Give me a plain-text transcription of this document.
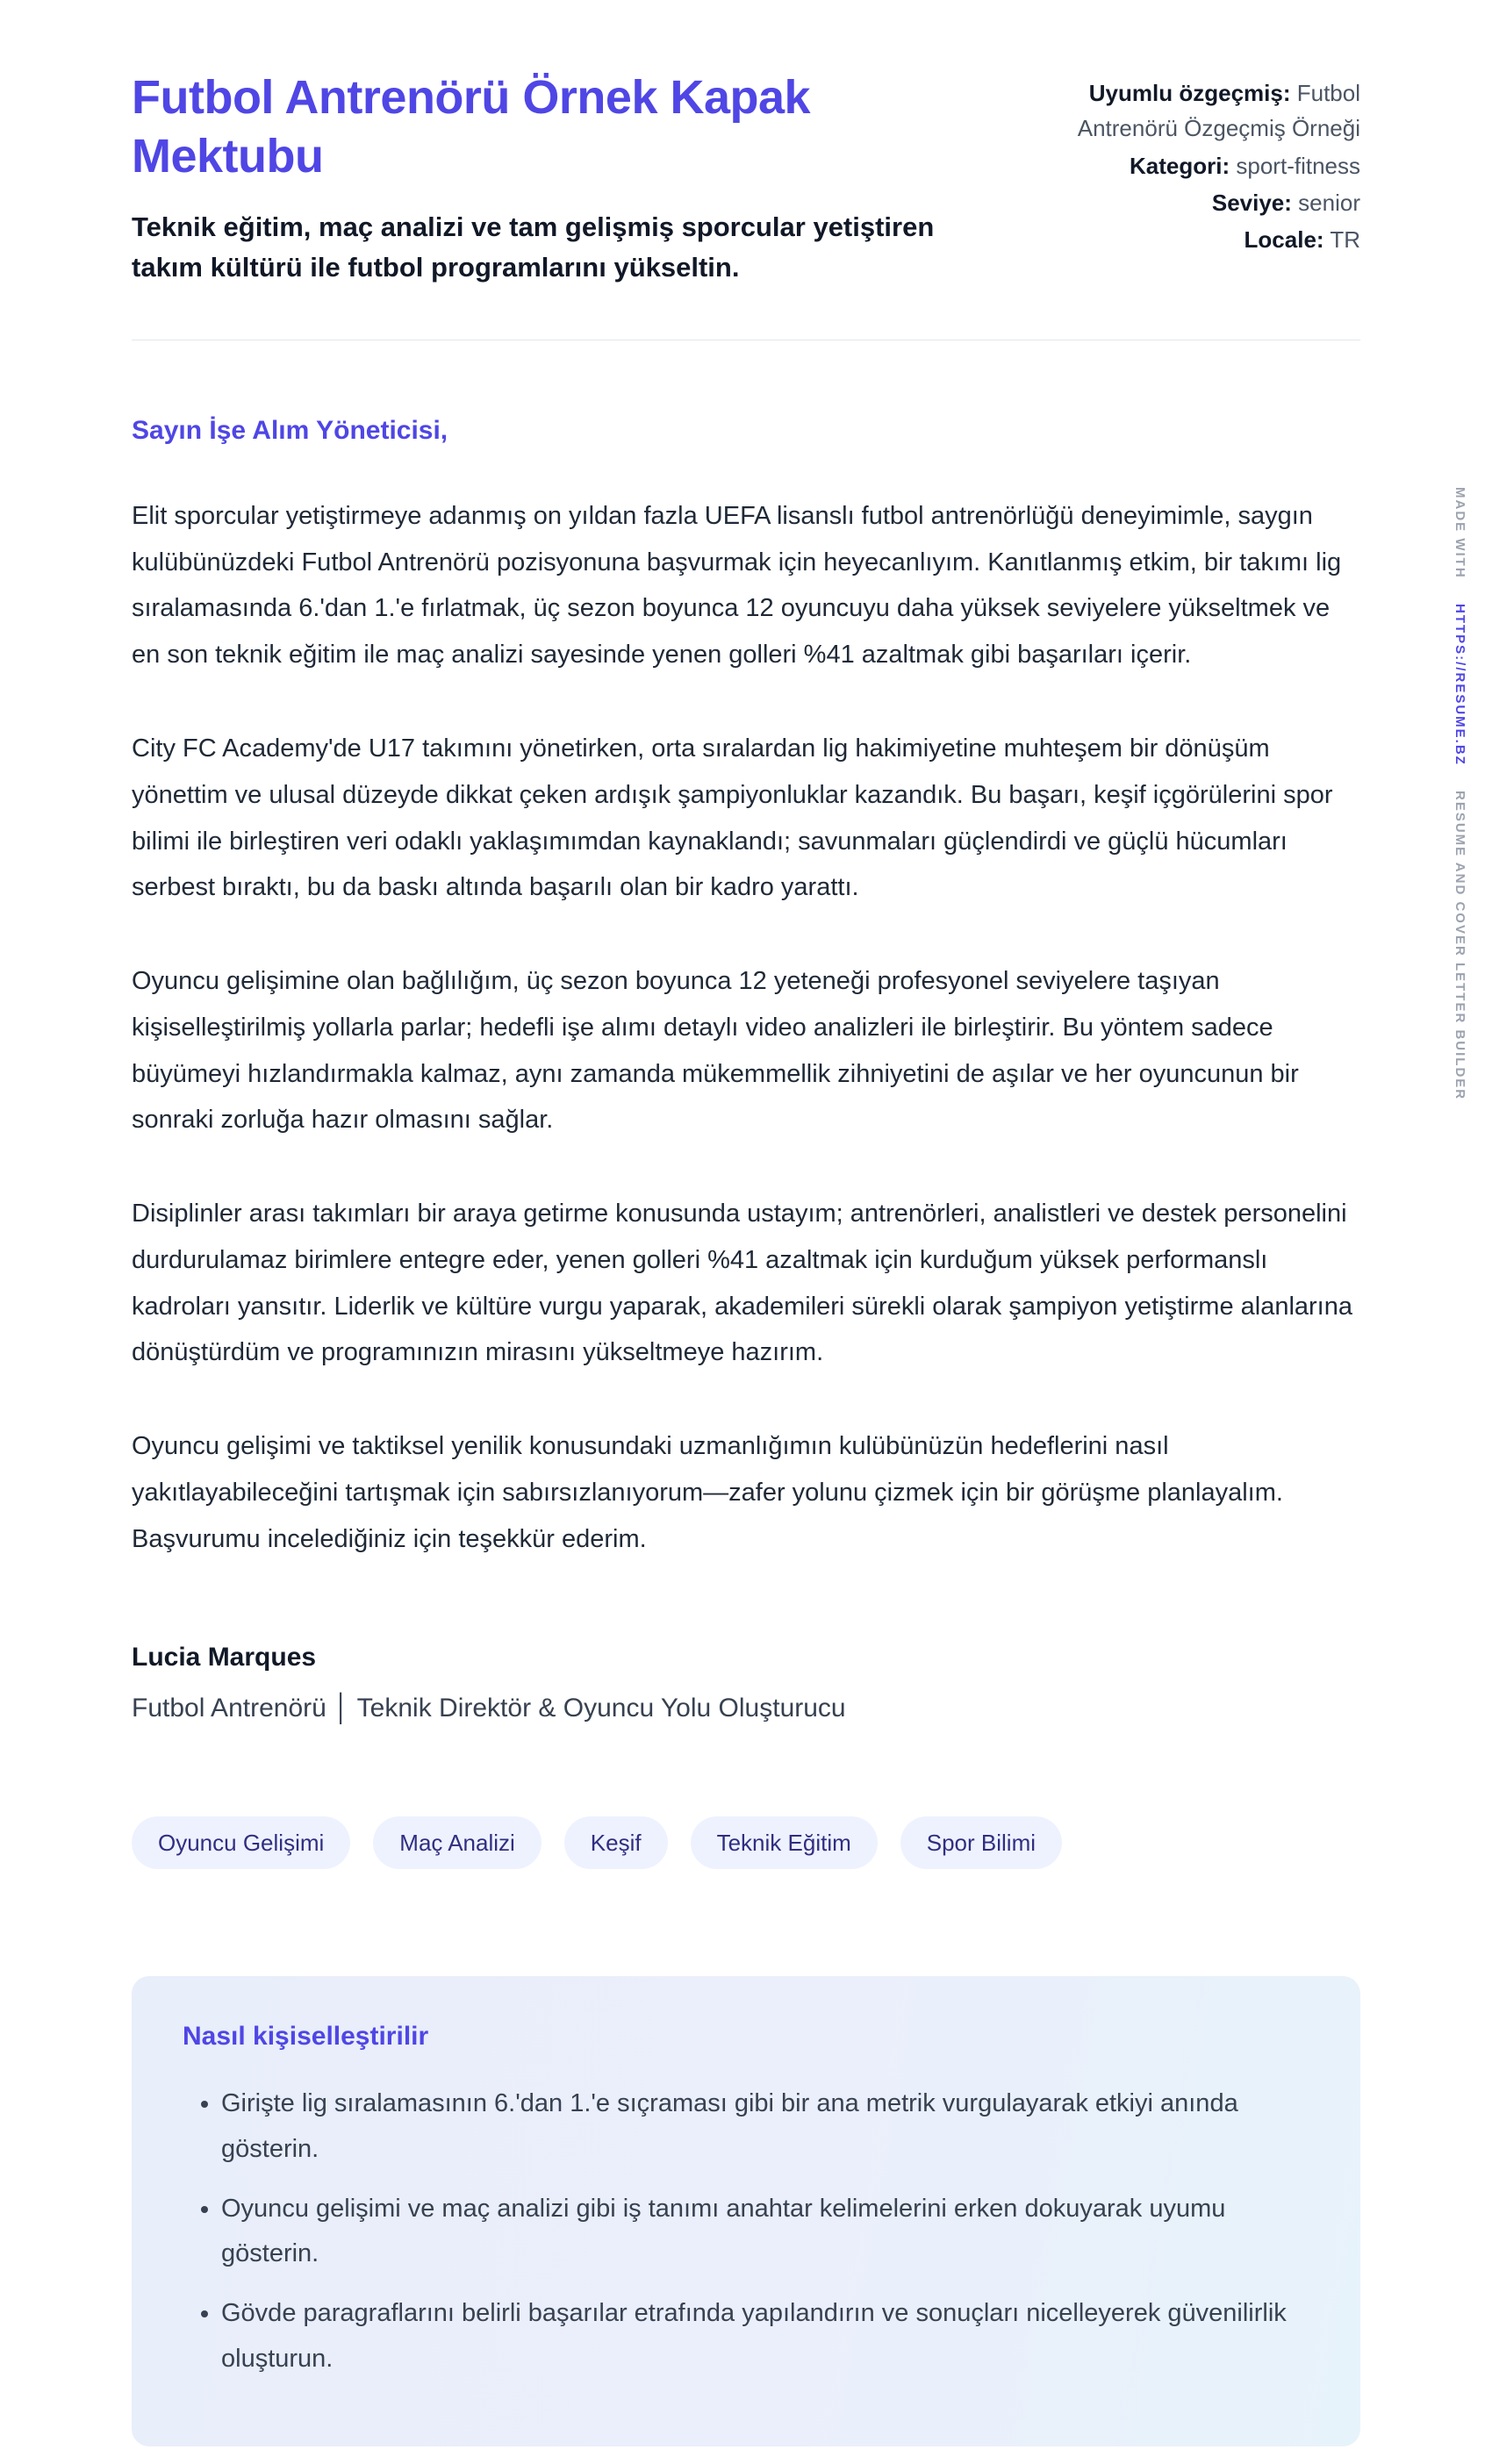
Futbol Antrenörü Örnek Kapak Mektubu
Teknik eğitim, maç analizi ve tam gelişmiş sporcular yetiştiren takım kültürü ile futbol programlarını yükseltin.
Uyumlu özgeçmiş: Futbol Antrenörü Özgeçmiş Örneği
Kategori: sport-fitness
Seviye: senior
Locale: TR
Sayın İşe Alım Yöneticisi,

Elit sporcular yetiştirmeye adanmış on yıldan fazla UEFA lisanslı futbol antrenörlüğü deneyimimle, saygın kulübünüzdeki Futbol Antrenörü pozisyonuna başvurmak için heyecanlıyım. Kanıtlanmış etkim, bir takımı lig sıralamasında 6.'dan 1.'e fırlatmak, üç sezon boyunca 12 oyuncuyu daha yüksek seviyelere yükseltmek ve en son teknik eğitim ile maç analizi sayesinde yenen golleri %41 azaltmak gibi başarıları içerir.

City FC Academy'de U17 takımını yönetirken, orta sıralardan lig hakimiyetine muhteşem bir dönüşüm yönettim ve ulusal düzeyde dikkat çeken ardışık şampiyonluklar kazandık. Bu başarı, keşif içgörülerini spor bilimi ile birleştiren veri odaklı yaklaşımımdan kaynaklandı; savunmaları güçlendirdi ve güçlü hücumları serbest bıraktı, bu da baskı altında başarılı olan bir kadro yarattı.

Oyuncu gelişimine olan bağlılığım, üç sezon boyunca 12 yeteneği profesyonel seviyelere taşıyan kişiselleştirilmiş yollarla parlar; hedefli işe alımı detaylı video analizleri ile birleştirir. Bu yöntem sadece büyümeyi hızlandırmakla kalmaz, aynı zamanda mükemmellik zihniyetini de aşılar ve her oyuncunun bir sonraki zorluğa hazır olmasını sağlar.

Disiplinler arası takımları bir araya getirme konusunda ustayım; antrenörleri, analistleri ve destek personelini durdurulamaz birimlere entegre eder, yenen golleri %41 azaltmak için kurduğum yüksek performanslı kadroları yansıtır. Liderlik ve kültüre vurgu yaparak, akademileri sürekli olarak şampiyon yetiştirme alanlarına dönüştürdüm ve programınızın mirasını yükseltmeye hazırım.

Oyuncu gelişimi ve taktiksel yenilik konusundaki uzmanlığımın kulübünüzün hedeflerini nasıl yakıtlayabileceğini tartışmak için sabırsızlanıyorum—zafer yolunu çizmek için bir görüşme planlayalım. Başvurumu incelediğiniz için teşekkür ederim.

Lucia Marques
Futbol Antrenörü │ Teknik Direktör & Oyuncu Yolu Oluşturucu
Oyuncu Gelişimi	Maç Analizi	Keşif	Teknik Eğitim	Spor Bilimi
Nasıl kişiselleştirilir
• Girişte lig sıralamasının 6.'dan 1.'e sıçraması gibi bir ana metrik vurgulayarak etkiyi anında gösterin.
• Oyuncu gelişimi ve maç analizi gibi iş tanımı anahtar kelimelerini erken dokuyarak uyumu gösterin.
• Gövde paragraflarını belirli başarılar etrafında yapılandırın ve sonuçları nicelleyerek güvenilirlik oluşturun.
MADE WITH HTTPS://RESUME.BZ RESUME AND COVER LETTER BUILDER
